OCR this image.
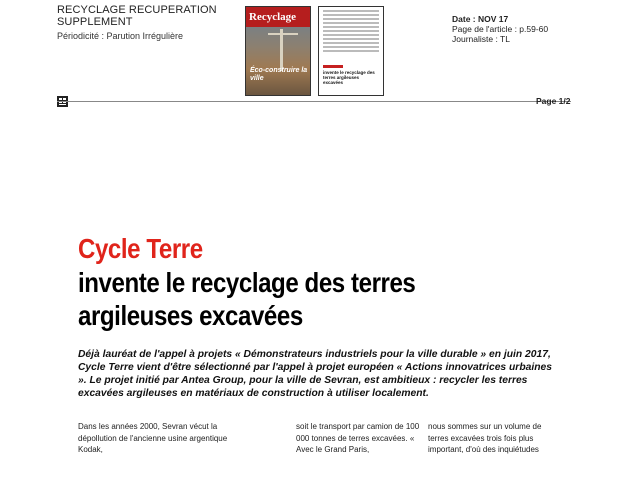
RECYCLAGE RECUPERATION SUPPLEMENT
Périodicité : Parution Irrégulière
Recyclage
Éco-construire la ville
invente le recyclage des terres argileuses excavées
Date : NOV 17
Page de l'article : p.59-60
Journaliste : TL
Page 1/2
Cycle Terre
invente le recyclage des terres argileuses excavées
Déjà lauréat de l'appel à projets « Démonstrateurs industriels pour la ville durable » en juin 2017, Cycle Terre vient d'être sélectionné par l'appel à projet européen « Actions innovatrices urbaines ». Le projet initié par Antea Group, pour la ville de Sevran, est ambitieux : recycler les terres excavées argileuses en matériaux de construction à utiliser localement.
Dans les années 2000, Sevran vécut la dépollution de l'ancienne usine argentique Kodak,
soit le transport par camion de 100 000 tonnes de terres excavées. « Avec le Grand Paris,
nous sommes sur un volume de terres excavées trois fois plus important, d'où des inquiétudes
